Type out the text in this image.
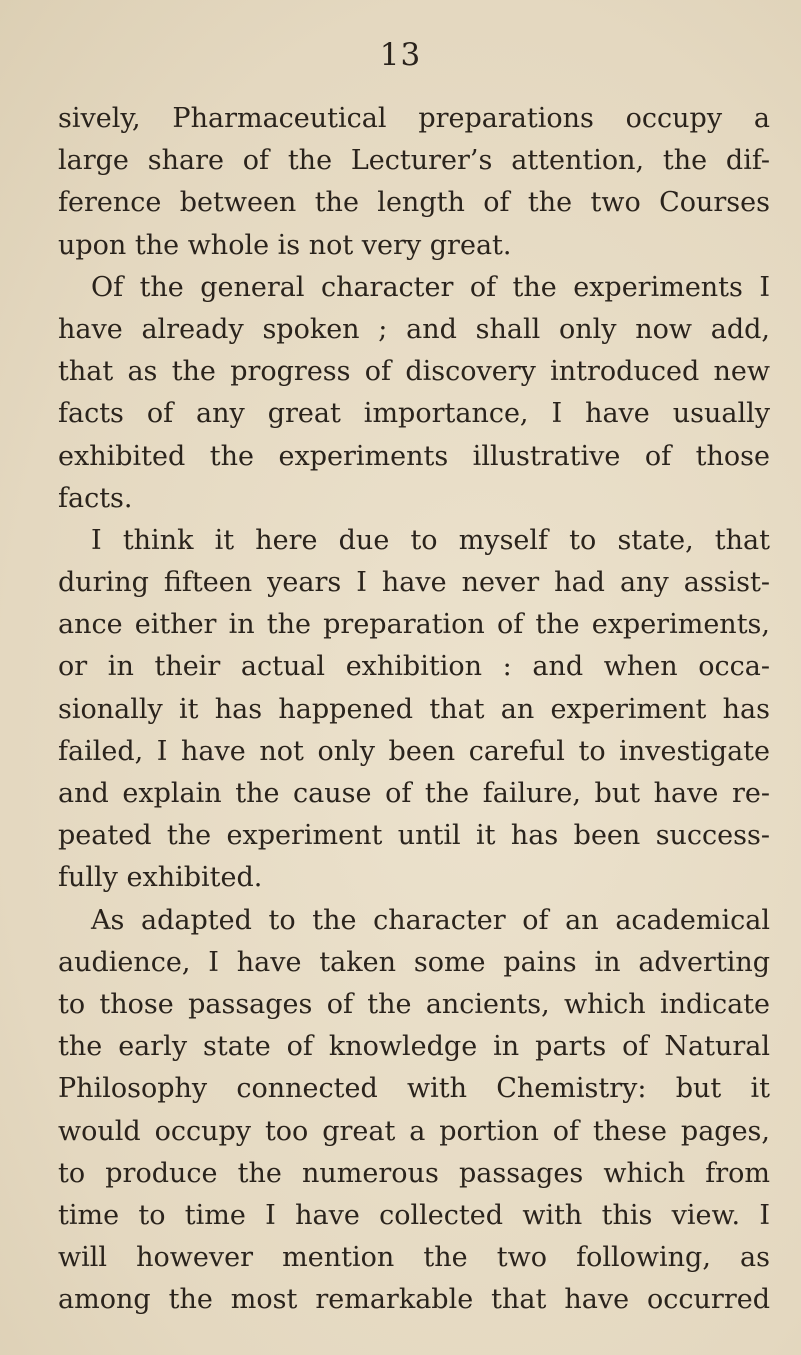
13
sively, Pharmaceutical preparations occupy a
large share of the Lecturer’s attention, the dif-
ference between the length of the two Courses
upon the whole is not very great.
Of the general character of the experiments I
have already spoken ; and shall only now add,
that as the progress of discovery introduced new
facts of any great importance, I have usually
exhibited the experiments illustrative of those
facts.
I think it here due to myself to state, that
during fifteen years I have never had any assist-
ance either in the preparation of the experiments,
or in their actual exhibition : and when occa-
sionally it has happened that an experiment has
failed, I have not only been careful to investigate
and explain the cause of the failure, but have re-
peated the experiment until it has been success-
fully exhibited.
As adapted to the character of an academical
audience, I have taken some pains in adverting
to those passages of the ancients, which indicate
the early state of knowledge in parts of Natural
Philosophy connected with Chemistry: but it
would occupy too great a portion of these pages,
to produce the numerous passages which from
time to time I have collected with this view. I
will however mention the two following, as
among the most remarkable that have occurred
